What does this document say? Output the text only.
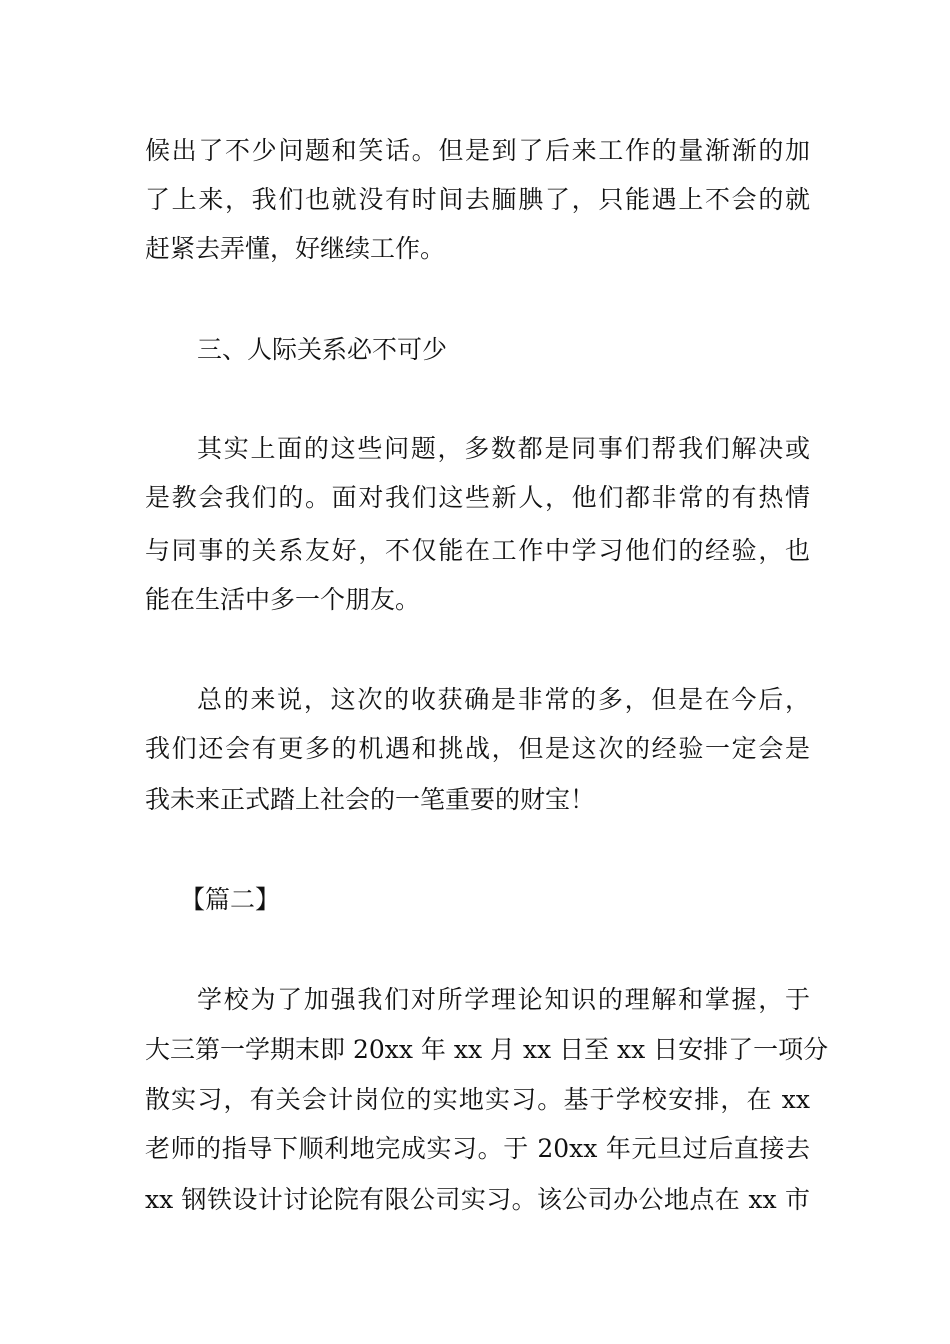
候出了不少问题和笑话。但是到了后来工作的量渐渐的加
了上来，我们也就没有时间去腼腆了，只能遇上不会的就
赶紧去弄懂，好继续工作。
三、人际关系必不可少
其实上面的这些问题，多数都是同事们帮我们解决或
是教会我们的。面对我们这些新人，他们都非常的有热情
与同事的关系友好，不仅能在工作中学习他们的经验，也
能在生活中多一个朋友。
总的来说，这次的收获确是非常的多，但是在今后，
我们还会有更多的机遇和挑战，但是这次的经验一定会是
我未来正式踏上社会的一笔重要的财宝！
【篇二】
学校为了加强我们对所学理论知识的理解和掌握，于
大三第一学期末即 20xx 年 xx 月 xx 日至 xx 日安排了一项分
散实习，有关会计岗位的实地实习。基于学校安排，在 xx
老师的指导下顺利地完成实习。于 20xx 年元旦过后直接去
xx 钢铁设计讨论院有限公司实习。该公司办公地点在 xx 市
